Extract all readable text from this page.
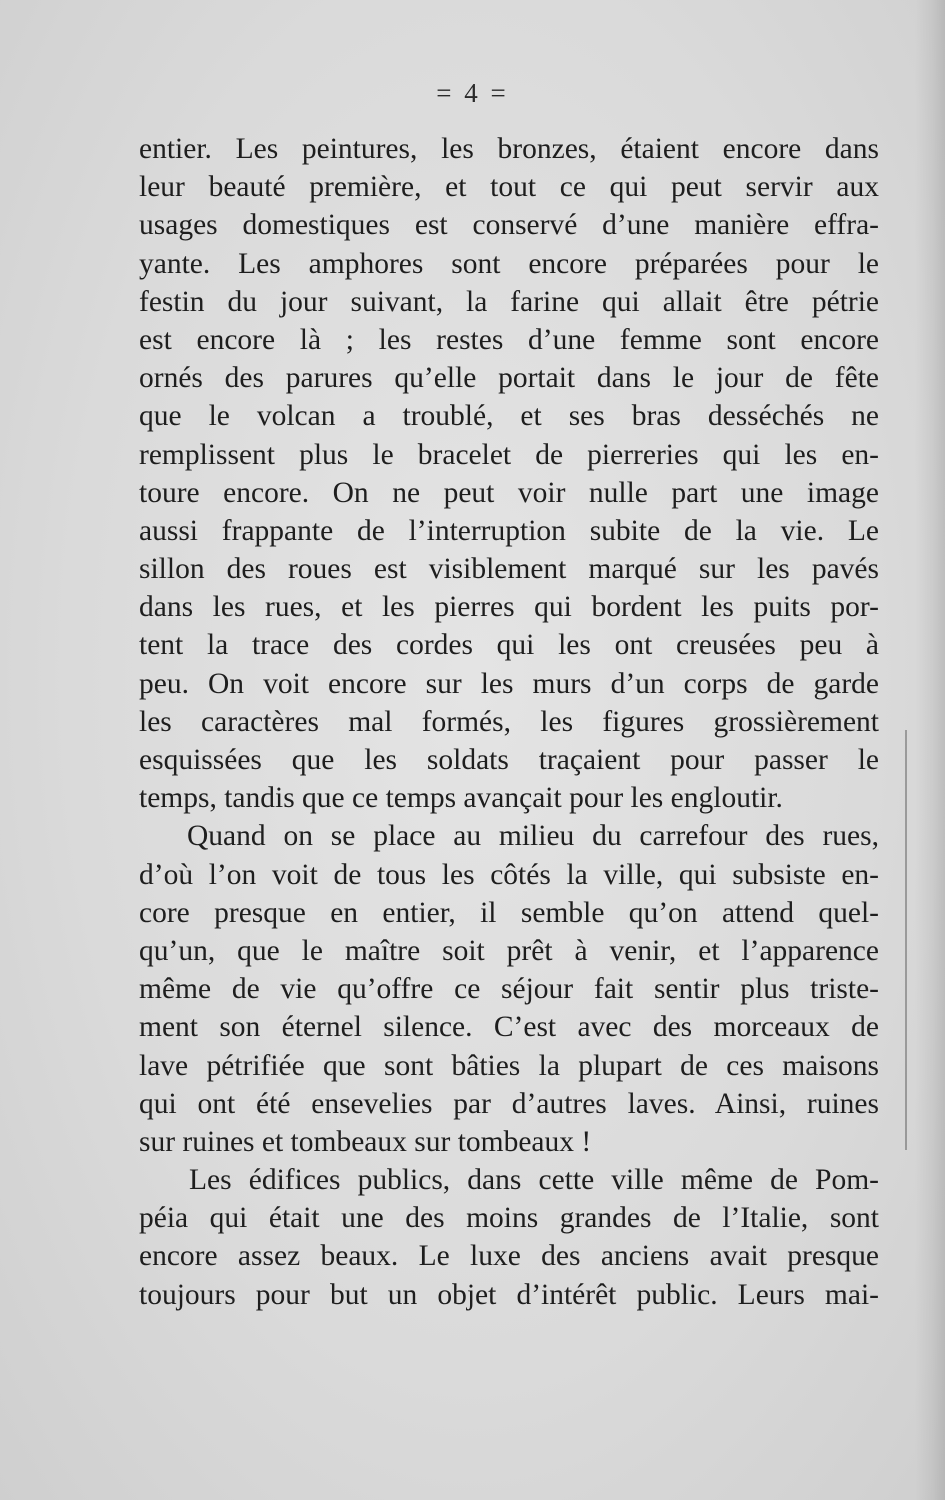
= 4 =
entier. Les peintures, les bronzes, étaient encore dans
leur beauté première, et tout ce qui peut servir aux
usages domestiques est conservé d’une manière effra-
yante. Les amphores sont encore préparées pour le
festin du jour suivant, la farine qui allait être pétrie
est encore là ; les restes d’une femme sont encore
ornés des parures qu’elle portait dans le jour de fête
que le volcan a troublé, et ses bras desséchés ne
remplissent plus le bracelet de pierreries qui les en-
toure encore. On ne peut voir nulle part une image
aussi frappante de l’interruption subite de la vie. Le
sillon des roues est visiblement marqué sur les pavés
dans les rues, et les pierres qui bordent les puits por-
tent la trace des cordes qui les ont creusées peu à
peu. On voit encore sur les murs d’un corps de garde
les caractères mal formés, les figures grossièrement
esquissées que les soldats traçaient pour passer le
temps, tandis que ce temps avançait pour les engloutir.
Quand on se place au milieu du carrefour des rues,
d’où l’on voit de tous les côtés la ville, qui subsiste en-
core presque en entier, il semble qu’on attend quel-
qu’un, que le maître soit prêt à venir, et l’apparence
même de vie qu’offre ce séjour fait sentir plus triste-
ment son éternel silence. C’est avec des morceaux de
lave pétrifiée que sont bâties la plupart de ces maisons
qui ont été ensevelies par d’autres laves. Ainsi, ruines
sur ruines et tombeaux sur tombeaux !
Les édifices publics, dans cette ville même de Pom-
péia qui était une des moins grandes de l’Italie, sont
encore assez beaux. Le luxe des anciens avait presque
toujours pour but un objet d’intérêt public. Leurs mai-
